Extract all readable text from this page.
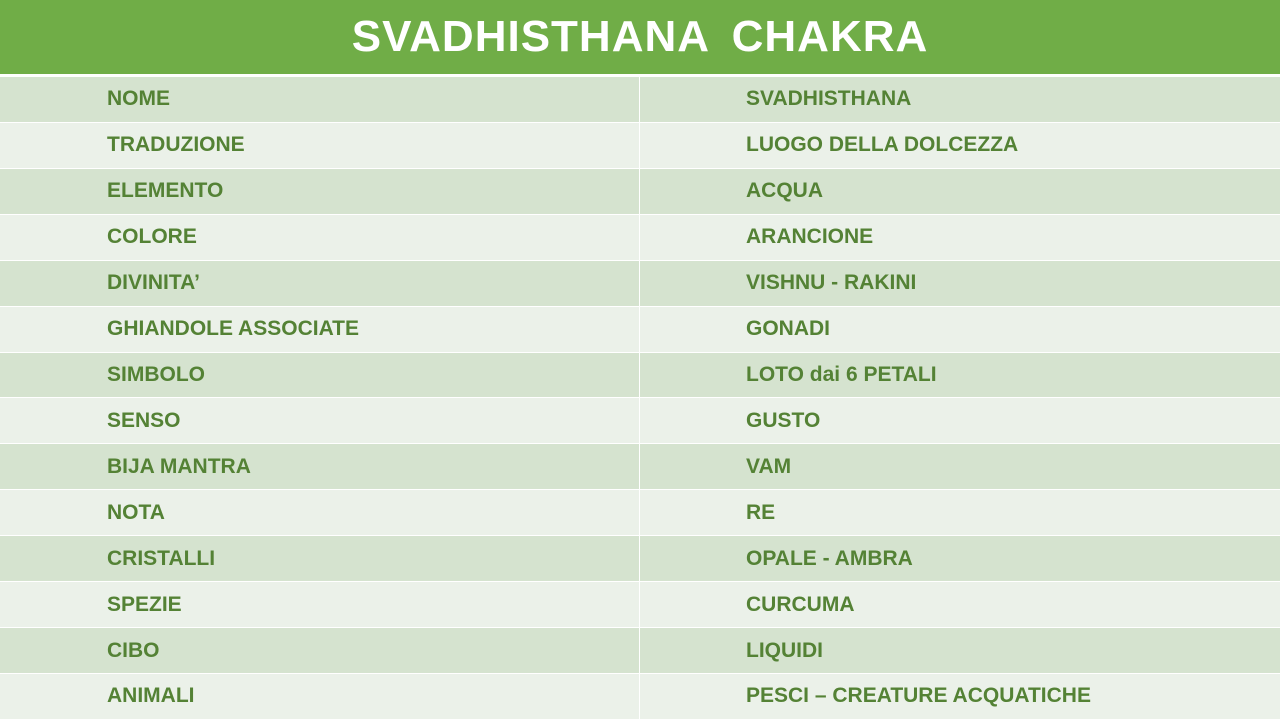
SVADHISTHANA CHAKRA
NOME	SVADHISTHANA
TRADUZIONE	LUOGO DELLA DOLCEZZA
ELEMENTO	ACQUA
COLORE	ARANCIONE
DIVINITA’	VISHNU - RAKINI
GHIANDOLE ASSOCIATE	GONADI
SIMBOLO	LOTO dai 6 PETALI
SENSO	GUSTO
BIJA MANTRA	VAM
NOTA	RE
CRISTALLI	OPALE - AMBRA
SPEZIE	CURCUMA
CIBO	LIQUIDI
ANIMALI	PESCI – CREATURE ACQUATICHE
